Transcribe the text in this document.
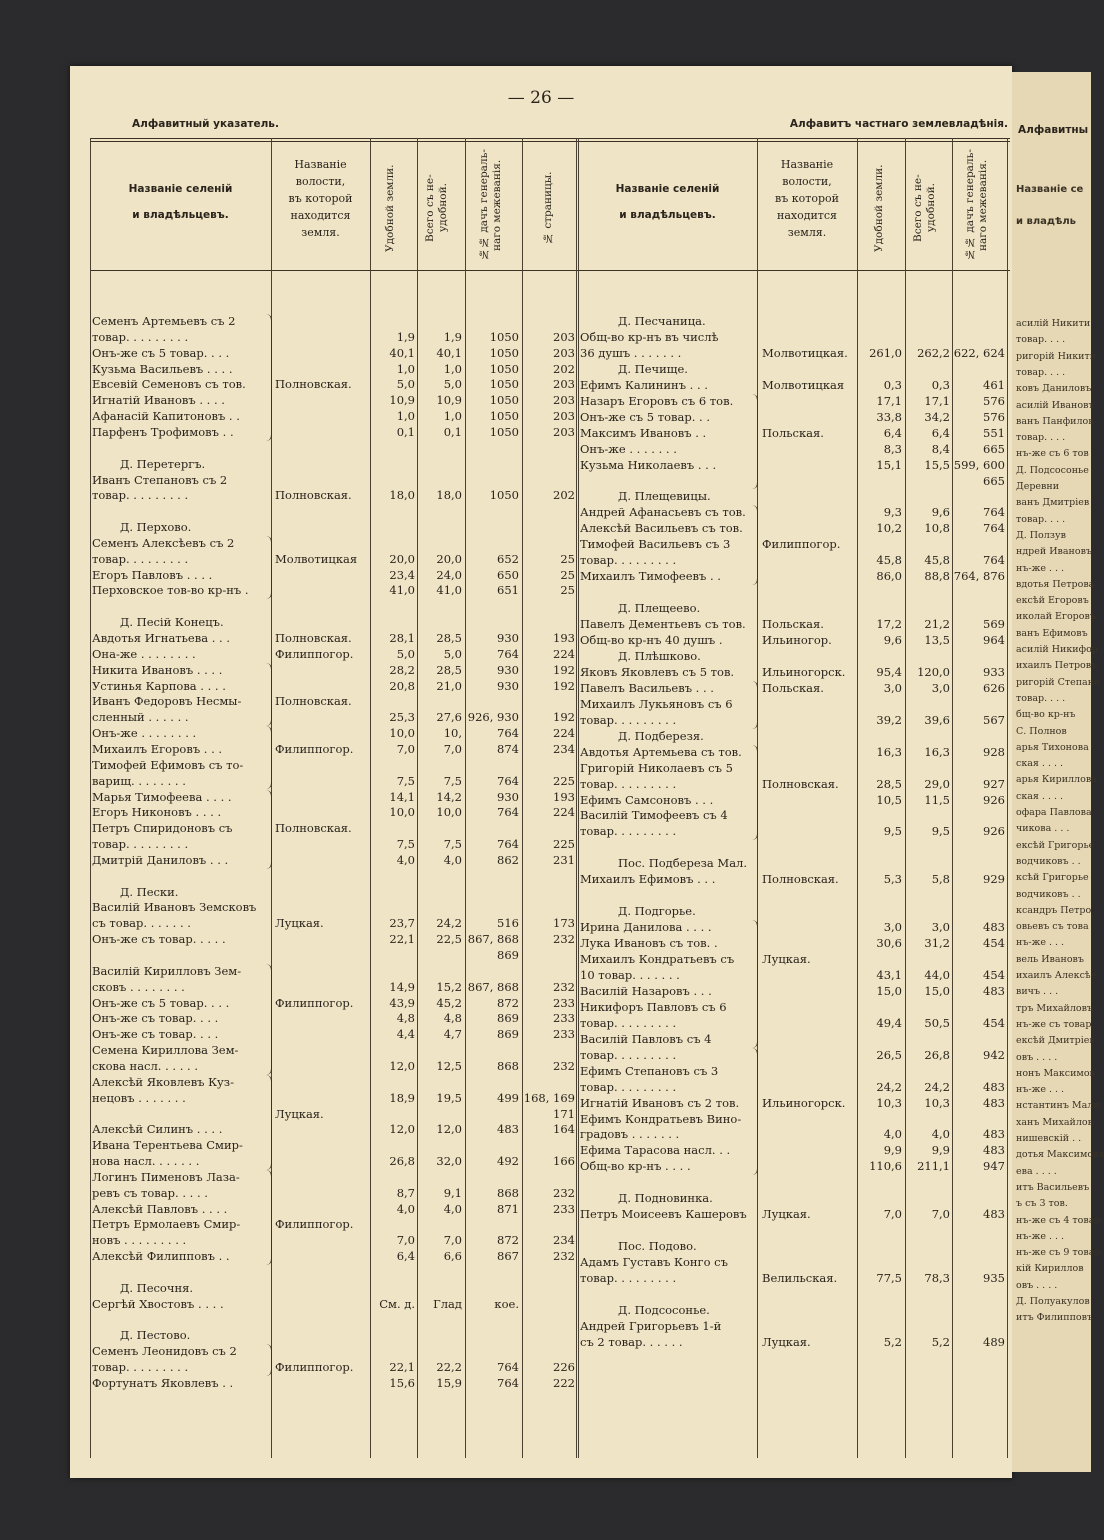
— 26 —
Алфавитный указатель.	Алфавитъ частнаго землевладѣнія.
Названіе селеній
и владѣльцевъ.
Названіе
волости,
въ которой
находится
земля.	Удобной земли.	Всего съ не-удобной.	№№ дачъ генераль-наго межеванія.	№ страницы.	Названіе селеній
и владѣльцевъ.
Названіе
волости,
въ которой
находится
земля.	Удобной земли.	Всего съ не-удобной.	№№ дачъ генераль-наго межеванія.
Семенъ Артемьевъ съ 2
товар. . . . . . . . .	1,9	1,9	1050	203
Онъ-же съ 5 товар. . . .	40,1	40,1	1050	203
Кузьма Васильевъ . . . .	1,0	1,0	1050	202
Евсевій Семеновъ съ тов.	Полновская.	5,0	5,0	1050	203
Игнатій Ивановъ . . . .	10,9	10,9	1050	203
Афанасій Капитоновъ . .	1,0	1,0	1050	203
Парфенъ Трофимовъ . .	0,1	0,1	1050	203
Д. Перетергъ.
Иванъ Степановъ съ 2
товар. . . . . . . . .	Полновская.	18,0	18,0	1050	202
Д. Перхово.
Семенъ Алексѣевъ съ 2
товар. . . . . . . . .	Молвотицкая	20,0	20,0	652	25
Егоръ Павловъ . . . .	23,4	24,0	650	25
Перховское тов-во кр-нъ .	41,0	41,0	651	25
Д. Песій Конецъ.
Авдотья Игнатьева . . .	Полновская.	28,1	28,5	930	193
Она-же . . . . . . . .	Филиппогор.	5,0	5,0	764	224
Никита Ивановъ . . . .	28,2	28,5	930	192
Устинья Карпова . . . .	20,8	21,0	930	192
Иванъ Федоровъ Несмы-	Полновская.
сленный . . . . . .	25,3	27,6 926, 930	192
Онъ-же . . . . . . . .	10,0	10,	764	224
Михаилъ Егоровъ . . .	Филиппогор.	7,0	7,0	874	234
Тимофей Ефимовъ съ то-
варищ. . . . . . . .	7,5	7,5	764	225
Марья Тимофеева . . . .	14,1	14,2	930	193
Егоръ Никоновъ . . . .	10,0	10,0	764	224
Петръ Спиридоновъ съ	Полновская.
товар. . . . . . . . .	7,5	7,5	764	225
Дмитрій Даниловъ . . .	4,0	4,0	862	231
Д. Пески.
Василій Ивановъ Земсковъ
съ товар. . . . . . .	Луцкая.	23,7	24,2	516	173
Онъ-же съ товар. . . . .	22,1	22,5 867, 868	232
869
Василій Кирилловъ Зем-
сковъ . . . . . . . .	14,9	15,2 867, 868	232
Онъ-же съ 5 товар. . . .	Филиппогор.	43,9	45,2	872	233
Онъ-же съ товар. . . .	4,8	4,8	869	233
Онъ-же съ товар. . . .	4,4	4,7	869	233
Семена Кириллова Зем-
скова насл. . . . . .	12,0	12,5	868	232
Алексѣй Яковлевъ Куз-
нецовъ . . . . . . .	18,9	19,5	499 168, 169
Луцкая.	171
Алексѣй Силинъ . . . .	12,0	12,0	483	164
Ивана Терентьева Смир-
нова насл. . . . . . .	26,8	32,0	492	166
Логинъ Пименовъ Лаза-
ревъ съ товар. . . . .	8,7	9,1	868	232
Алексѣй Павловъ . . . .	4,0	4,0	871	233
Петръ Ермолаевъ Смир-	Филиппогор.
новъ . . . . . . . . .	7,0	7,0	872	234
Алексѣй Филипповъ . .	6,4	6,6	867	232
Д. Песочня.
Сергѣй Хвостовъ . . . .	См. д.	Глад	кое.
Д. Пестово.
Семенъ Леонидовъ съ 2
товар. . . . . . . . .	Филиппогор.	22,1	22,2	764	226
Фортунатъ Яковлевъ . .	15,6	15,9	764	222
Д. Песчаница.
Общ-во кр-нъ въ числѣ
36 душъ . . . . . . .	Молвотицкая.	261,0	262,2 622, 624
Д. Печище.
Ефимъ Калининъ . . .	Молвотицкая	0,3	0,3	461
Назаръ Егоровъ съ 6 тов.	17,1	17,1	576
Онъ-же съ 5 товар. . .	33,8	34,2	576
Максимъ Ивановъ . .	Польская.	6,4	6,4	551
Онъ-же . . . . . . .	8,3	8,4	665
Кузьма Николаевъ . . .	15,1	15,5 599, 600
665
Д. Плещевицы.
Андрей Афанасьевъ съ тов.	9,3	9,6	764
Алексѣй Васильевъ съ тов.	10,2	10,8	764
Тимофей Васильевъ съ 3	Филиппогор.
товар. . . . . . . . .	45,8	45,8	764
Михаилъ Тимофеевъ . .	86,0	88,8 764, 876
Д. Плещеево.
Павелъ Дементьевъ съ тов.	Польская.	17,2	21,2	569
Общ-во кр-нъ 40 душъ .	Ильиногор.	9,6	13,5	964
Д. Плѣшково.
Яковъ Яковлевъ съ 5 тов.	Ильиногорск.	95,4	120,0	933
Павелъ Васильевъ . . .	Польская.	3,0	3,0	626
Михаилъ Лукьяновъ съ 6
товар. . . . . . . . .	39,2	39,6	567
Д. Подберезя.
Авдотья Артемьева съ тов.	16,3	16,3	928
Григорій Николаевъ съ 5
товар. . . . . . . . .	Полновская.	28,5	29,0	927
Ефимъ Самсоновъ . . .	10,5	11,5	926
Василій Тимофеевъ съ 4
товар. . . . . . . . .	9,5	9,5	926
Пос. Подбереза Мал.
Михаилъ Ефимовъ . . .	Полновская.	5,3	5,8	929
Д. Подгорье.
Ирина Данилова . . . .	3,0	3,0	483
Лука Ивановъ съ тов. .	30,6	31,2	454
Михаилъ Кондратьевъ съ	Луцкая.
10 товар. . . . . . .	43,1	44,0	454
Василій Назаровъ . . .	15,0	15,0	483
Никифоръ Павловъ съ 6
товар. . . . . . . . .	49,4	50,5	454
Василій Павловъ съ 4
товар. . . . . . . . .	26,5	26,8	942
Ефимъ Степановъ съ 3
товар. . . . . . . . .	24,2	24,2	483
Игнатій Ивановъ съ 2 тов.	Ильиногорск.	10,3	10,3	483
Ефимъ Кондратьевъ Вино-
градовъ . . . . . . .	4,0	4,0	483
Ефима Тарасова насл. . .	9,9	9,9	483
Общ-во кр-нъ . . . .	110,6	211,1	947
Д. Подновинка.
Петръ Моисеевъ Кашеровъ	Луцкая.	7,0	7,0	483
Пос. Подово.
Адамъ Густавъ Конго съ
товар. . . . . . . . .	Велильская.	77,5	78,3	935
Д. Подсосонье.
Андрей Григорьевъ 1-й
съ 2 товар. . . . . .	Луцкая.	5,2	5,2	489
Алфавитны
Названіе се
и владѣль
асилій Никити
товар. . . .
ригорій Никити
товар. . . .
ковъ Даниловъ
асилій Ивановъ
ванъ Панфилов
товар. . . .
нъ-же съ 6 тов
Д. Подсосонье
Деревни
ванъ Дмитріев
товар. . . .
Д. Ползув
ндрей Ивановъ
нъ-же . . .
вдотья Петрова
ексѣй Егоровъ
иколай Егоровъ
ванъ Ефимовъ
асилій Никифор
ихаилъ Петровъ
ригорій Степано
товар. . . .
бщ-во кр-нъ
С. Полнов
арья Тихонова
ская . . . .
арья Кириллова
ская . . . .
офара Павлова
чикова . . .
ексѣй Григорье
водчиковъ . .
ксѣй Григорье
водчиковъ . .
ксандръ Петро
овьевъ съ това
нъ-же . . .
вель Ивановъ
ихаилъ Алексѣе
вичъ . . .
тръ Михайловъ
нъ-же съ товар.
ексѣй Дмитріев
овъ . . . .
нонъ Максимов
нъ-же . . .
нстантинъ Мали
ханъ Михайлов
нишевскій . .
дотья Максимова
ева . . . .
итъ Васильевъ
ъ съ 3 тов.
нъ-же съ 4 товар
нъ-же . . .
нъ-же съ 9 товар
кій Кириллов
овъ . . . .
Д. Полуакулов
итъ Филипповъ
